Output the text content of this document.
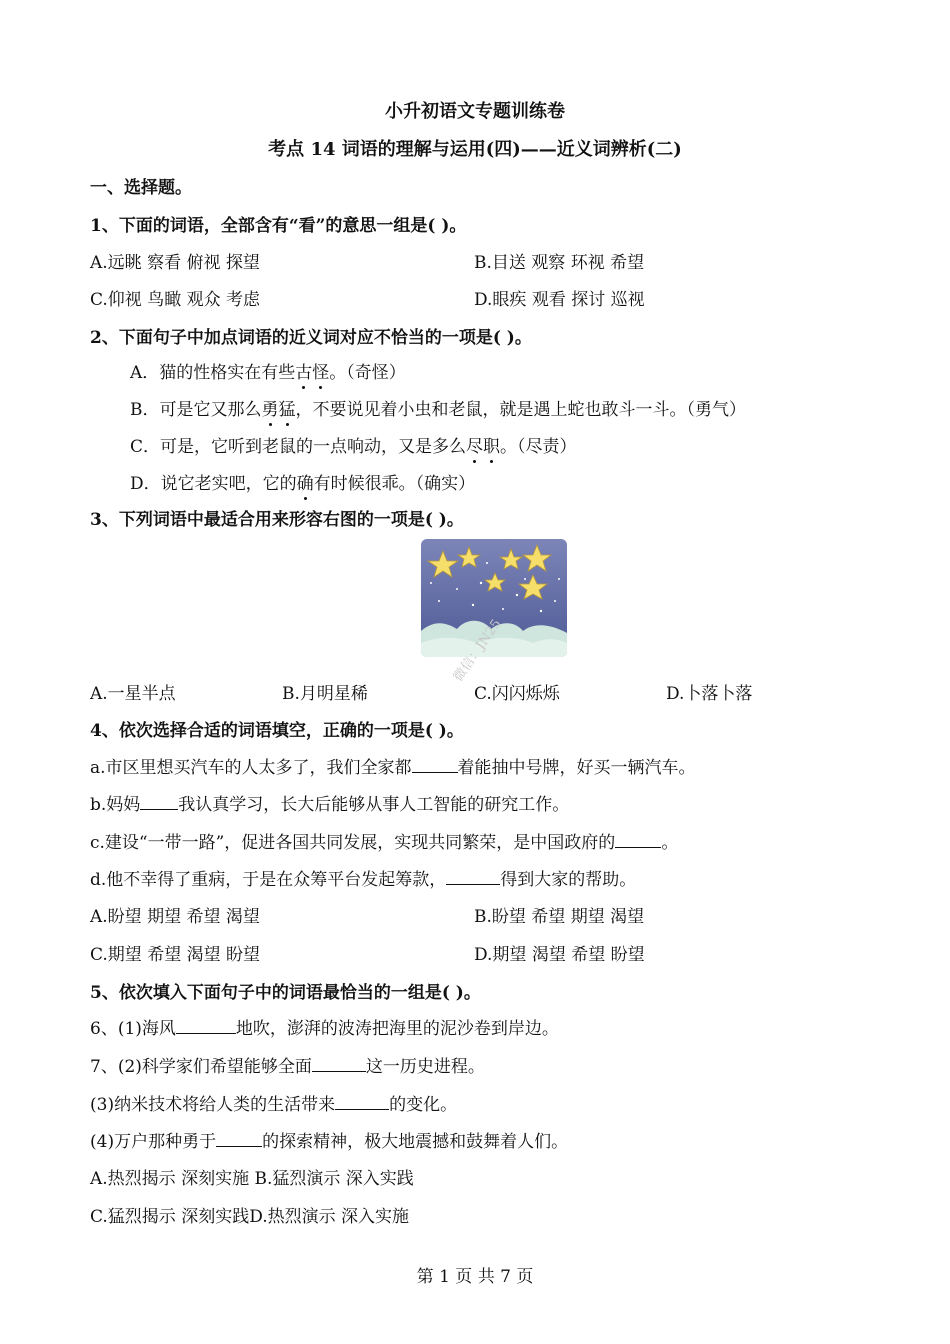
小升初语文专题训练卷
考点 14 词语的理解与运用(四)——近义词辨析(二)
一、选择题。
1、下面的词语，全部含有“看”的意思一组是( )。
A.远眺 察看 俯视 探望	B.目送 观察 环视 希望
C.仰视 鸟瞰 观众 考虑	D.眼疾 观看 探讨 巡视
2、下面句子中加点词语的近义词对应不恰当的一项是( )。
A．猫的性格实在有些古怪。（奇怪）
B．可是它又那么勇猛，不要说见着小虫和老鼠，就是遇上蛇也敢斗一斗。（勇气）
C．可是，它听到老鼠的一点响动，又是多么尽职。（尽责）
D．说它老实吧，它的确有时候很乖。（确实）
3、下列词语中最适合用来形容右图的一项是( )。
微信：JN25
A.一星半点	B.月明星稀	C.闪闪烁烁	D.卜落卜落
4、依次选择合适的词语填空，正确的一项是( )。
a.市区里想买汽车的人太多了，我们全家都	着能抽中号牌，好买一辆汽车。
b.妈妈 我认真学习，长大后能够从事人工智能的研究工作。
c.建设“一带一路”，促进各国共同发展，实现共同繁荣，是中国政府的	。
d.他不幸得了重病，于是在众筹平台发起筹款，	得到大家的帮助。
A.盼望 期望 希望 渴望	B.盼望 希望 期望 渴望
C.期望 希望 渴望 盼望	D.期望 渴望 希望 盼望
5、依次填入下面句子中的词语最恰当的一组是( )。
6、(1)海风	地吹，澎湃的波涛把海里的泥沙卷到岸边。
7、(2)科学家们希望能够全面	这一历史进程。
(3)纳米技术将给人类的生活带来	的变化。
(4)万户那种勇于	的探索精神，极大地震撼和鼓舞着人们。
A.热烈揭示 深刻实施 B.猛烈演示 深入实践
C.猛烈揭示 深刻实践D.热烈演示 深入实施
第 1 页 共 7 页
